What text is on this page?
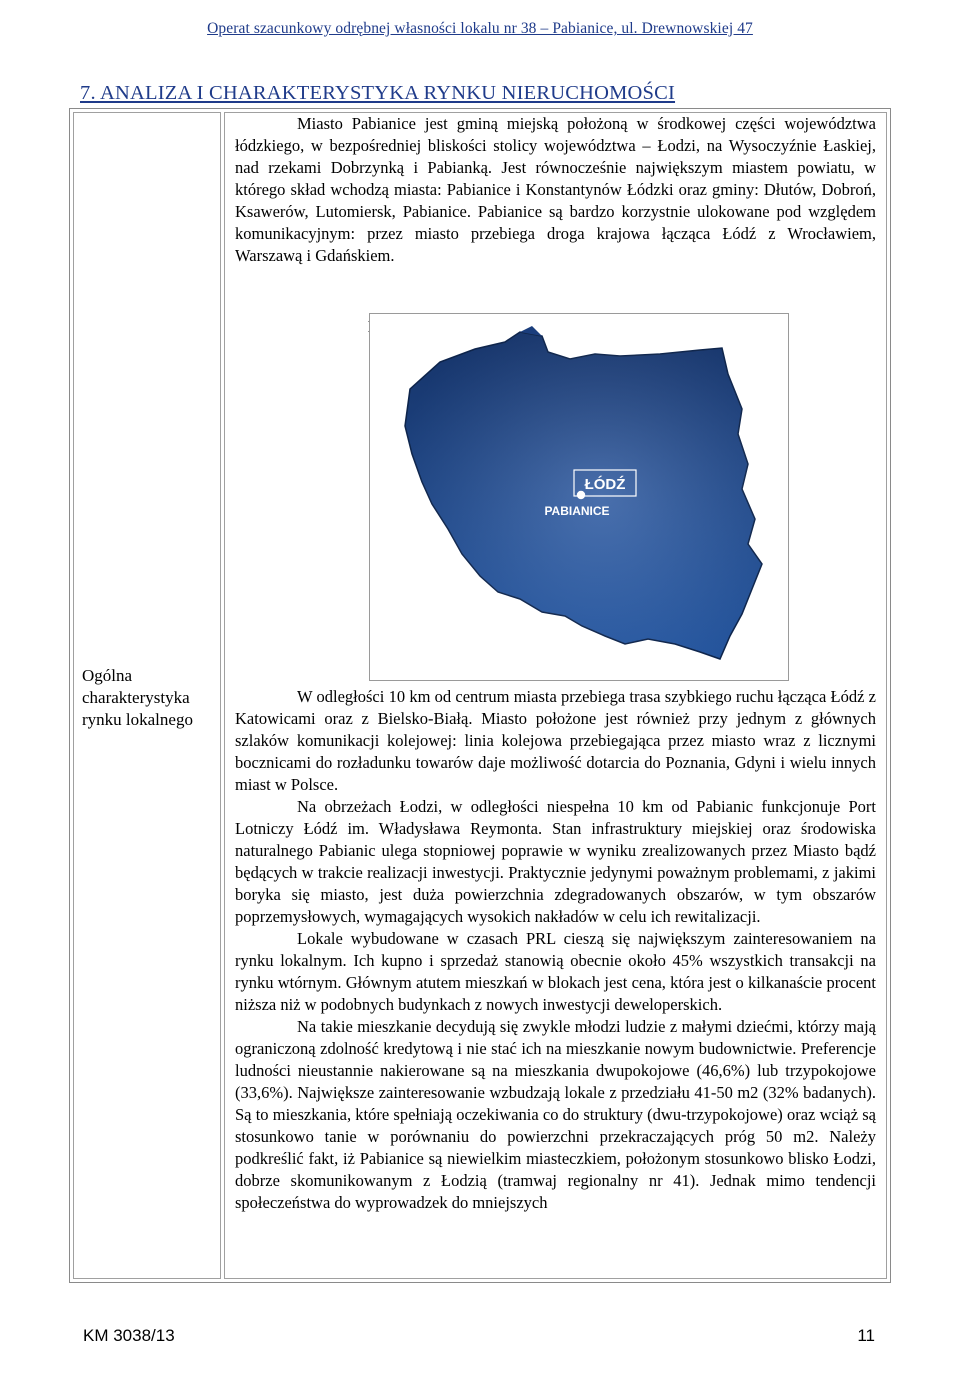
Operat szacunkowy odrębnej własności lokalu nr 38 – Pabianice, ul. Drewnowskiej 47
7. ANALIZA I CHARAKTERYSTYKA RYNKU NIERUCHOMOŚCI
Ogólna charakterystyka rynku lokalnego

Miasto Pabianice jest gminą miejską położoną w środkowej części województwa łódzkiego, w bezpośredniej bliskości stolicy województwa – Łodzi, na Wysoczyźnie Łaskiej, nad rzekami Dobrzynką i Pabianką. Jest równocześnie największym miastem powiatu, w którego skład wchodzą miasta: Pabianice i Konstantynów Łódzki oraz gminy: Dłutów, Dobroń, Ksawerów, Lutomiersk, Pabianice. Pabianice są bardzo korzystnie ulokowane pod względem komunikacyjnym: przez miasto przebiega droga krajowa łącząca Łódź z Wrocławiem, Warszawą i Gdańskiem.

ŁÓDŹ
PABIANICE

W odległości 10 km od centrum miasta przebiega trasa szybkiego ruchu łącząca Łódź z Katowicami oraz z Bielsko-Białą. Miasto położone jest również przy jednym z głównych szlaków komunikacji kolejowej: linia kolejowa przebiegająca przez miasto wraz z licznymi bocznicami do rozładunku towarów daje możliwość dotarcia do Poznania, Gdyni i wielu innych miast w Polsce.

Na obrzeżach Łodzi, w odległości niespełna 10 km od Pabianic funkcjonuje Port Lotniczy Łódź im. Władysława Reymonta. Stan infrastruktury miejskiej oraz środowiska naturalnego Pabianic ulega stopniowej poprawie w wyniku zrealizowanych przez Miasto bądź będących w trakcie realizacji inwestycji. Praktycznie jedynymi poważnym problemami, z jakimi boryka się miasto, jest duża powierzchnia zdegradowanych obszarów, w tym obszarów poprzemysłowych, wymagających wysokich nakładów w celu ich rewitalizacji.

Lokale wybudowane w czasach PRL cieszą się największym zainteresowaniem na rynku lokalnym. Ich kupno i sprzedaż stanowią obecnie około 45% wszystkich transakcji na rynku wtórnym. Głównym atutem mieszkań w blokach jest cena, która jest o kilkanaście procent niższa niż w podobnych budynkach z nowych inwestycji deweloperskich.

Na takie mieszkanie decydują się zwykle młodzi ludzie z małymi dziećmi, którzy mają ograniczoną zdolność kredytową i nie stać ich na mieszkanie nowym budownictwie. Preferencje ludności nieustannie nakierowane są na mieszkania dwupokojowe (46,6%) lub trzypokojowe (33,6%). Największe zainteresowanie wzbudzają lokale z przedziału 41-50 m2 (32% badanych). Są to mieszkania, które spełniają oczekiwania co do struktury (dwu-trzypokojowe) oraz wciąż są stosunkowo tanie w porównaniu do powierzchni przekraczających próg 50 m2. Należy podkreślić fakt, iż Pabianice są niewielkim miasteczkiem, położonym stosunkowo blisko Łodzi, dobrze skomunikowanym z Łodzią (tramwaj regionalny nr 41). Jednak mimo tendencji społeczeństwa do wyprowadzek do mniejszych

KM 3038/13	11
